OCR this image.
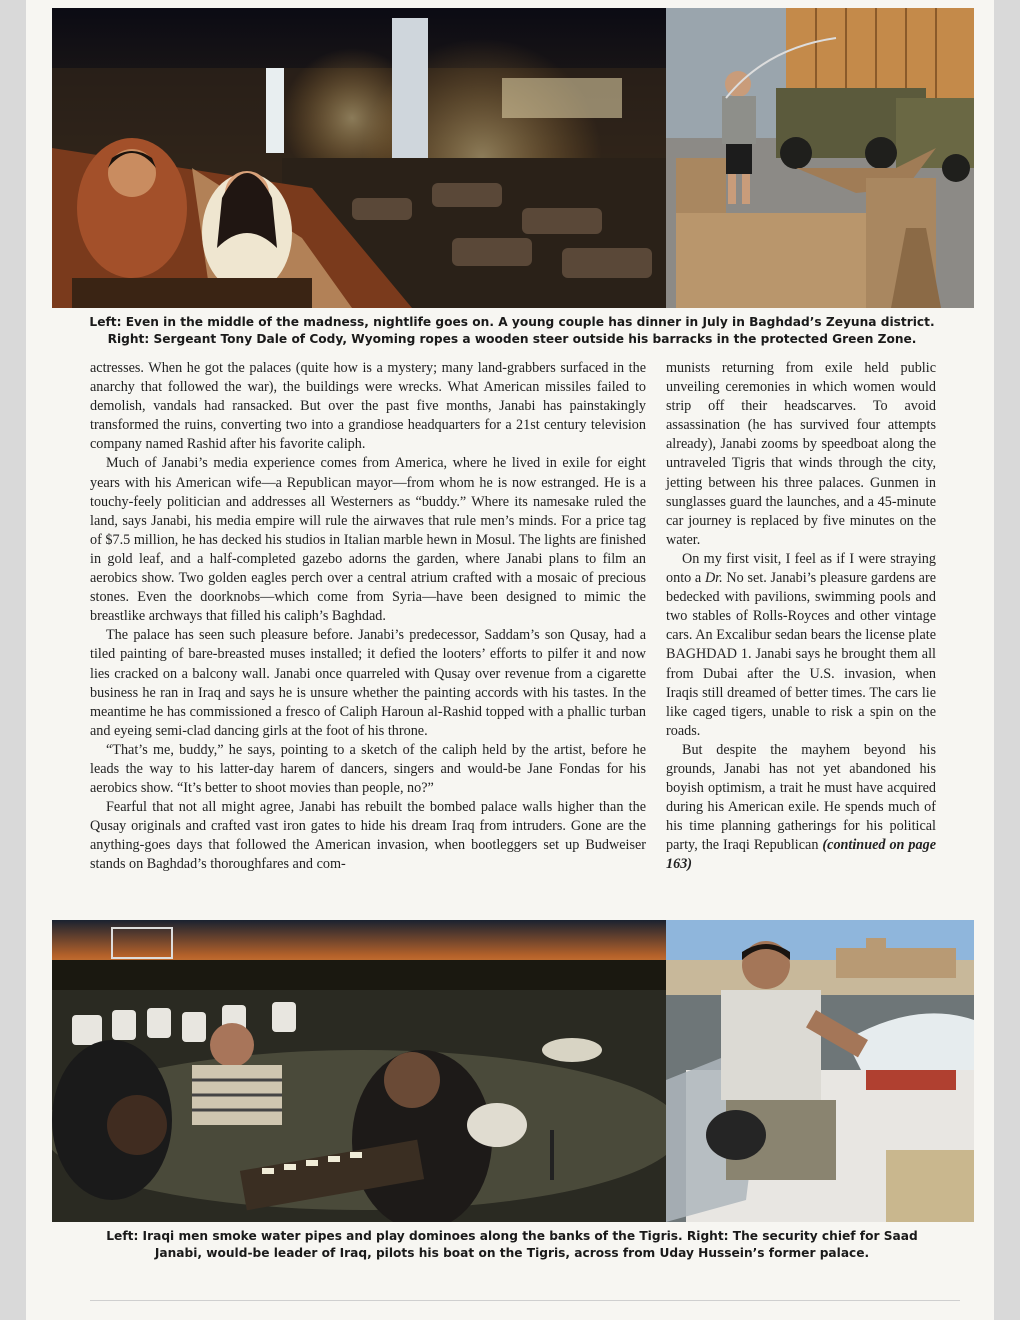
Left: Even in the middle of the madness, nightlife goes on. A young couple has dinner in July in Baghdad’s Zeyuna district.
Right: Sergeant Tony Dale of Cody, Wyoming ropes a wooden steer outside his barracks in the protected Green Zone.

actresses. When he got the palaces (quite how is a mystery; many land-grabbers surfaced in the anarchy that followed the war), the buildings were wrecks. What American missiles failed to demolish, vandals had ransacked. But over the past five months, Janabi has painstakingly transformed the ruins, converting two into a grandiose headquarters for a 21st century television company named Rashid after his favorite caliph.

Much of Janabi’s media experience comes from America, where he lived in exile for eight years with his American wife—a Republican mayor—from whom he is now estranged. He is a touchy-feely politician and addresses all Westerners as “buddy.” Where its namesake ruled the land, says Janabi, his media empire will rule the airwaves that rule men’s minds. For a price tag of $7.5 million, he has decked his studios in Italian marble hewn in Mosul. The lights are finished in gold leaf, and a half-completed gazebo adorns the garden, where Janabi plans to film an aerobics show. Two golden eagles perch over a central atrium crafted with a mosaic of precious stones. Even the doorknobs—which come from Syria—have been designed to mimic the breastlike archways that filled his caliph’s Baghdad.

The palace has seen such pleasure before. Janabi’s predecessor, Saddam’s son Qusay, had a tiled painting of bare-breasted muses installed; it defied the looters’ efforts to pilfer it and now lies cracked on a balcony wall. Janabi once quarreled with Qusay over revenue from a cigarette business he ran in Iraq and says he is unsure whether the painting accords with his tastes. In the meantime he has commissioned a fresco of Caliph Haroun al-Rashid topped with a phallic turban and eyeing semi-clad dancing girls at the foot of his throne.

“That’s me, buddy,” he says, pointing to a sketch of the caliph held by the artist, before he leads the way to his latter-day harem of dancers, singers and would-be Jane Fondas for his aerobics show. “It’s better to shoot movies than people, no?”

Fearful that not all might agree, Janabi has rebuilt the bombed palace walls higher than the Qusay originals and crafted vast iron gates to hide his dream Iraq from intruders. Gone are the anything-goes days that followed the American invasion, when bootleggers set up Budweiser stands on Baghdad’s thoroughfares and com-

munists returning from exile held public unveiling ceremonies in which women would strip off their headscarves. To avoid assassination (he has survived four attempts already), Janabi zooms by speedboat along the untraveled Tigris that winds through the city, jetting between his three palaces. Gunmen in sunglasses guard the launches, and a 45-minute car journey is replaced by five minutes on the water.

On my first visit, I feel as if I were straying onto a Dr. No set. Janabi’s pleasure gardens are bedecked with pavilions, swimming pools and two stables of Rolls-Royces and other vintage cars. An Excalibur sedan bears the license plate BAGHDAD 1. Janabi says he brought them all from Dubai after the U.S. invasion, when Iraqis still dreamed of better times. The cars lie like caged tigers, unable to risk a spin on the roads.

But despite the mayhem beyond his grounds, Janabi has not yet abandoned his boyish optimism, a trait he must have acquired during his American exile. He spends much of his time planning gatherings for his political party, the Iraqi Republican (continued on page 163)

Left: Iraqi men smoke water pipes and play dominoes along the banks of the Tigris. Right: The security chief for Saad
Janabi, would-be leader of Iraq, pilots his boat on the Tigris, across from Uday Hussein’s former palace.
